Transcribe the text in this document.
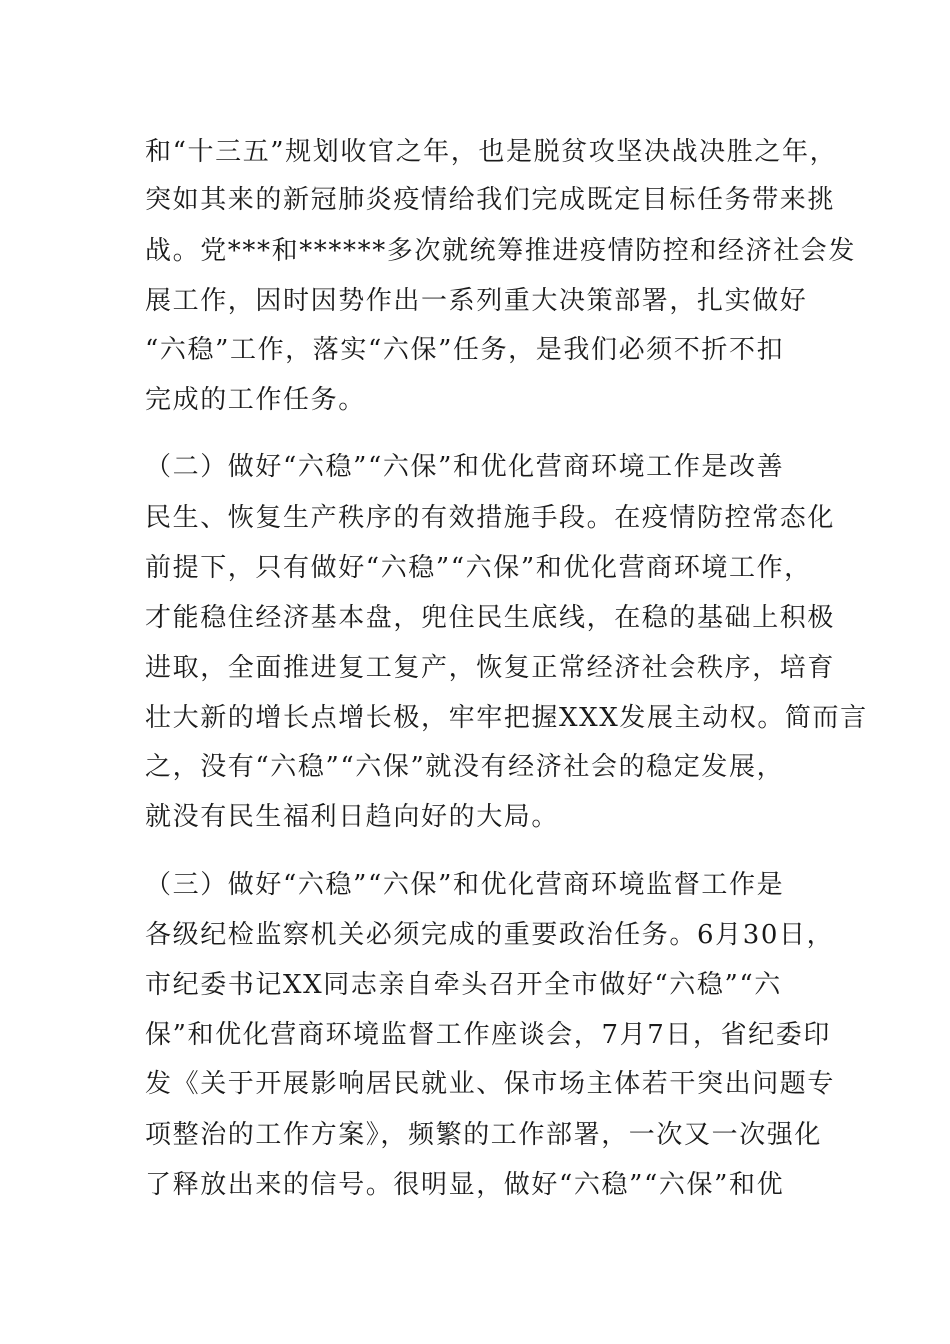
和“十三五”规划收官之年，也是脱贫攻坚决战决胜之年，
突如其来的新冠肺炎疫情给我们完成既定目标任务带来挑
战。党***和******多次就统筹推进疫情防控和经济社会发
展工作，因时因势作出一系列重大决策部署，扎实做好
“六稳”工作，落实“六保”任务，是我们必须不折不扣
完成的工作任务。
（二）做好“六稳”“六保”和优化营商环境工作是改善
民生、恢复生产秩序的有效措施手段。在疫情防控常态化
前提下，只有做好“六稳”“六保”和优化营商环境工作，
才能稳住经济基本盘，兜住民生底线，在稳的基础上积极
进取，全面推进复工复产，恢复正常经济社会秩序，培育
壮大新的增长点增长极，牢牢把握XXX发展主动权。简而言
之，没有“六稳”“六保”就没有经济社会的稳定发展，
就没有民生福利日趋向好的大局。
（三）做好“六稳”“六保”和优化营商环境监督工作是
各级纪检监察机关必须完成的重要政治任务。6月30日，
市纪委书记XX同志亲自牵头召开全市做好“六稳”“六
保”和优化营商环境监督工作座谈会，7月7日，省纪委印
发《关于开展影响居民就业、保市场主体若干突出问题专
项整治的工作方案》，频繁的工作部署，一次又一次强化
了释放出来的信号。很明显，做好“六稳”“六保”和优
